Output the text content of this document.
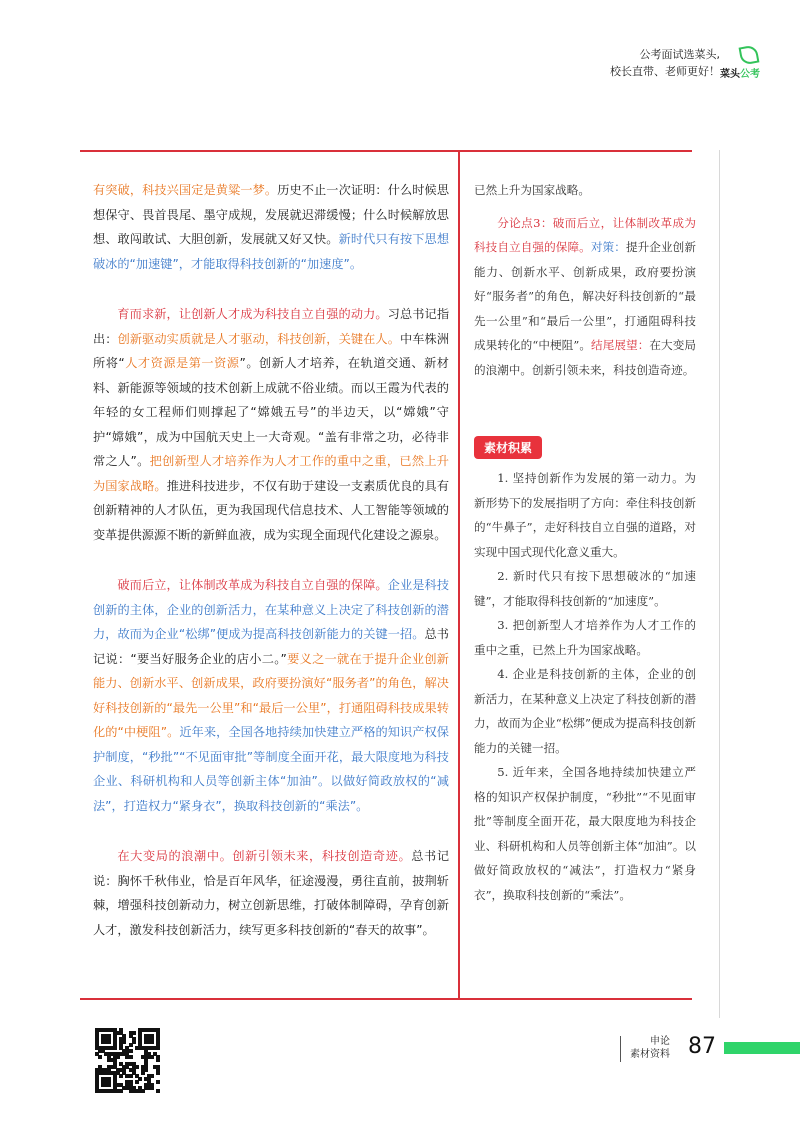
公考面试选菜头,
校长直带、老师更好！ 菜头公考

有突破，科技兴国定是黄粱一梦。历史不止一次证明：什么时候思想保守、畏首畏尾、墨守成规，发展就迟滞缓慢；什么时候解放思想、敢闯敢试、大胆创新，发展就又好又快。新时代只有按下思想破冰的“加速键”，才能取得科技创新的“加速度”。

育而求新，让创新人才成为科技自立自强的动力。习总书记指出：创新驱动实质就是人才驱动，科技创新，关键在人。中车株洲所将“人才资源是第一资源”。创新人才培养，在轨道交通、新材料、新能源等领域的技术创新上成就不俗业绩。而以王霞为代表的年轻的女工程师们则撑起了“嫦娥五号”的半边天，以“嫦娥”守护“嫦娥”，成为中国航天史上一大奇观。“盖有非常之功，必待非常之人”。把创新型人才培养作为人才工作的重中之重，已然上升为国家战略。推进科技进步，不仅有助于建设一支素质优良的具有创新精神的人才队伍，更为我国现代信息技术、人工智能等领域的变革提供源源不断的新鲜血液，成为实现全面现代化建设之源泉。

破而后立，让体制改革成为科技自立自强的保障。企业是科技创新的主体，企业的创新活力，在某种意义上决定了科技创新的潜力，故而为企业“松绑”便成为提高科技创新能力的关键一招。总书记说：“要当好服务企业的店小二。”要义之一就在于提升企业创新能力、创新水平、创新成果，政府要扮演好“服务者”的角色，解决好科技创新的“最先一公里”和“最后一公里”，打通阻碍科技成果转化的“中梗阻”。近年来，全国各地持续加快建立严格的知识产权保护制度，“秒批”“不见面审批”等制度全面开花，最大限度地为科技企业、科研机构和人员等创新主体“加油”。以做好简政放权的“减法”，打造权力“紧身衣”，换取科技创新的“乘法”。

在大变局的浪潮中。创新引领未来，科技创造奇迹。总书记说：胸怀千秋伟业，恰是百年风华，征途漫漫，勇往直前，披荆斩棘，增强科技创新动力，树立创新思维，打破体制障碍，孕育创新人才，激发科技创新活力，续写更多科技创新的“春天的故事”。

已然上升为国家战略。

分论点3：破而后立，让体制改革成为科技自立自强的保障。对策：提升企业创新能力、创新水平、创新成果，政府要扮演好“服务者”的角色，解决好科技创新的“最先一公里”和“最后一公里”，打通阻碍科技成果转化的“中梗阻”。结尾展望：在大变局的浪潮中。创新引领未来，科技创造奇迹。

素材积累

1. 坚持创新作为发展的第一动力。为新形势下的发展指明了方向：牵住科技创新的“牛鼻子”，走好科技自立自强的道路，对实现中国式现代化意义重大。

2. 新时代只有按下思想破冰的“加速键”，才能取得科技创新的“加速度”。

3. 把创新型人才培养作为人才工作的重中之重，已然上升为国家战略。

4. 企业是科技创新的主体，企业的创新活力，在某种意义上决定了科技创新的潜力，故而为企业“松绑”便成为提高科技创新能力的关键一招。

5. 近年来，全国各地持续加快建立严格的知识产权保护制度，“秒批”“不见面审批”等制度全面开花，最大限度地为科技企业、科研机构和人员等创新主体“加油”。以做好简政放权的“减法”，打造权力“紧身衣”，换取科技创新的“乘法”。

申论
素材资料 87
